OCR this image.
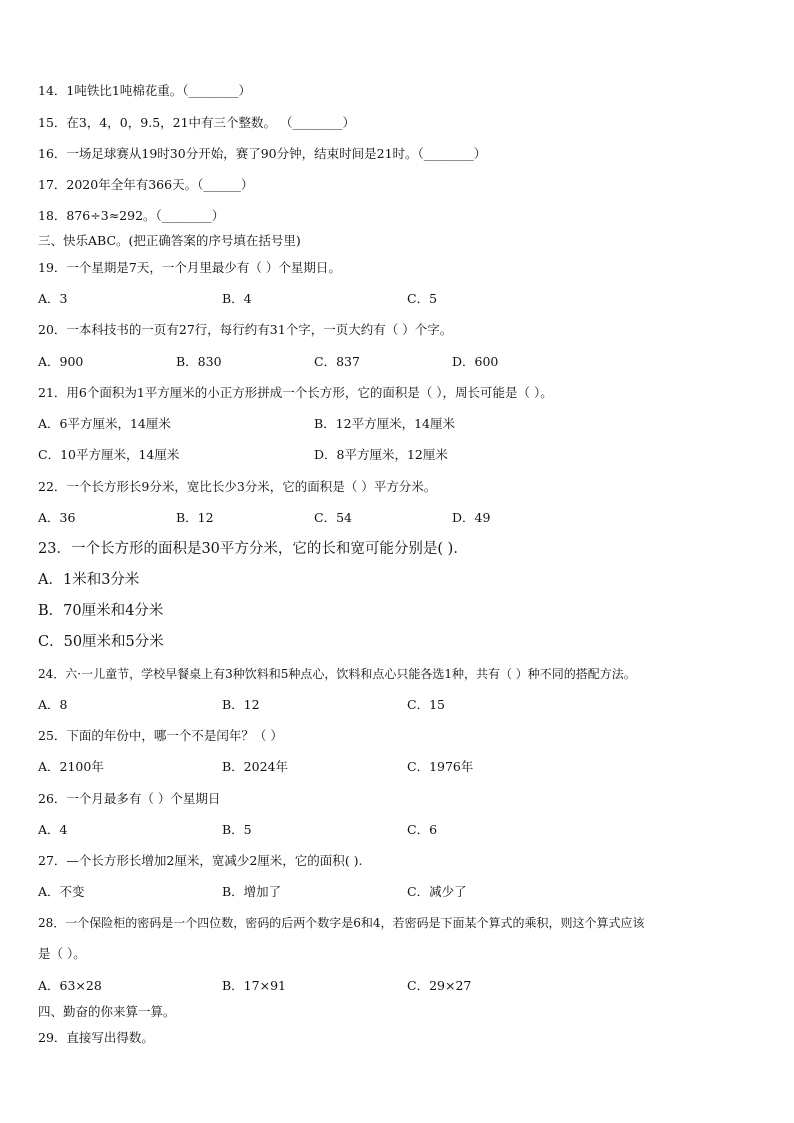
14．1吨铁比1吨棉花重。（________）
15．在3，4，0，9.5，21中有三个整数。 （________）
16．一场足球赛从19时30分开始，赛了90分钟，结束时间是21时。（________）
17．2020年全年有366天。（______）
18．876÷3≈292。（________）
三、快乐ABC。(把正确答案的序号填在括号里)
19．一个星期是7天，一个月里最少有（ ）个星期日。
A．3	B．4	C．5
20．一本科技书的一页有27行，每行约有31个字，一页大约有（ ）个字。
A．900	B．830	C．837	D．600
21．用6个面积为1平方厘米的小正方形拼成一个长方形，它的面积是（ ），周长可能是（ ）。
A．6平方厘米，14厘米	B．12平方厘米，14厘米
C．10平方厘米，14厘米	D．8平方厘米，12厘米
22．一个长方形长9分米，宽比长少3分米，它的面积是（ ）平方分米。
A．36	B．12	C．54	D．49
23．一个长方形的面积是30平方分米，它的长和宽可能分别是( )．
A．1米和3分米
B．70厘米和4分米
C．50厘米和5分米
24．六·一儿童节，学校早餐桌上有3种饮料和5种点心，饮料和点心只能各选1种，共有（ ）种不同的搭配方法。
A．8	B．12	C．15
25．下面的年份中，哪一个不是闰年？（ ）
A．2100年	B．2024年	C．1976年
26．一个月最多有（ ）个星期日
A．4	B．5	C．6
27．—个长方形长增加2厘米，宽减少2厘米，它的面积( ).
A．不变	B．增加了	C．减少了
28．一个保险柜的密码是一个四位数，密码的后两个数字是6和4，若密码是下面某个算式的乘积，则这个算式应该
是（ ）。
A．63×28	B．17×91	C．29×27
四、勤奋的你来算一算。
29．直接写出得数。
